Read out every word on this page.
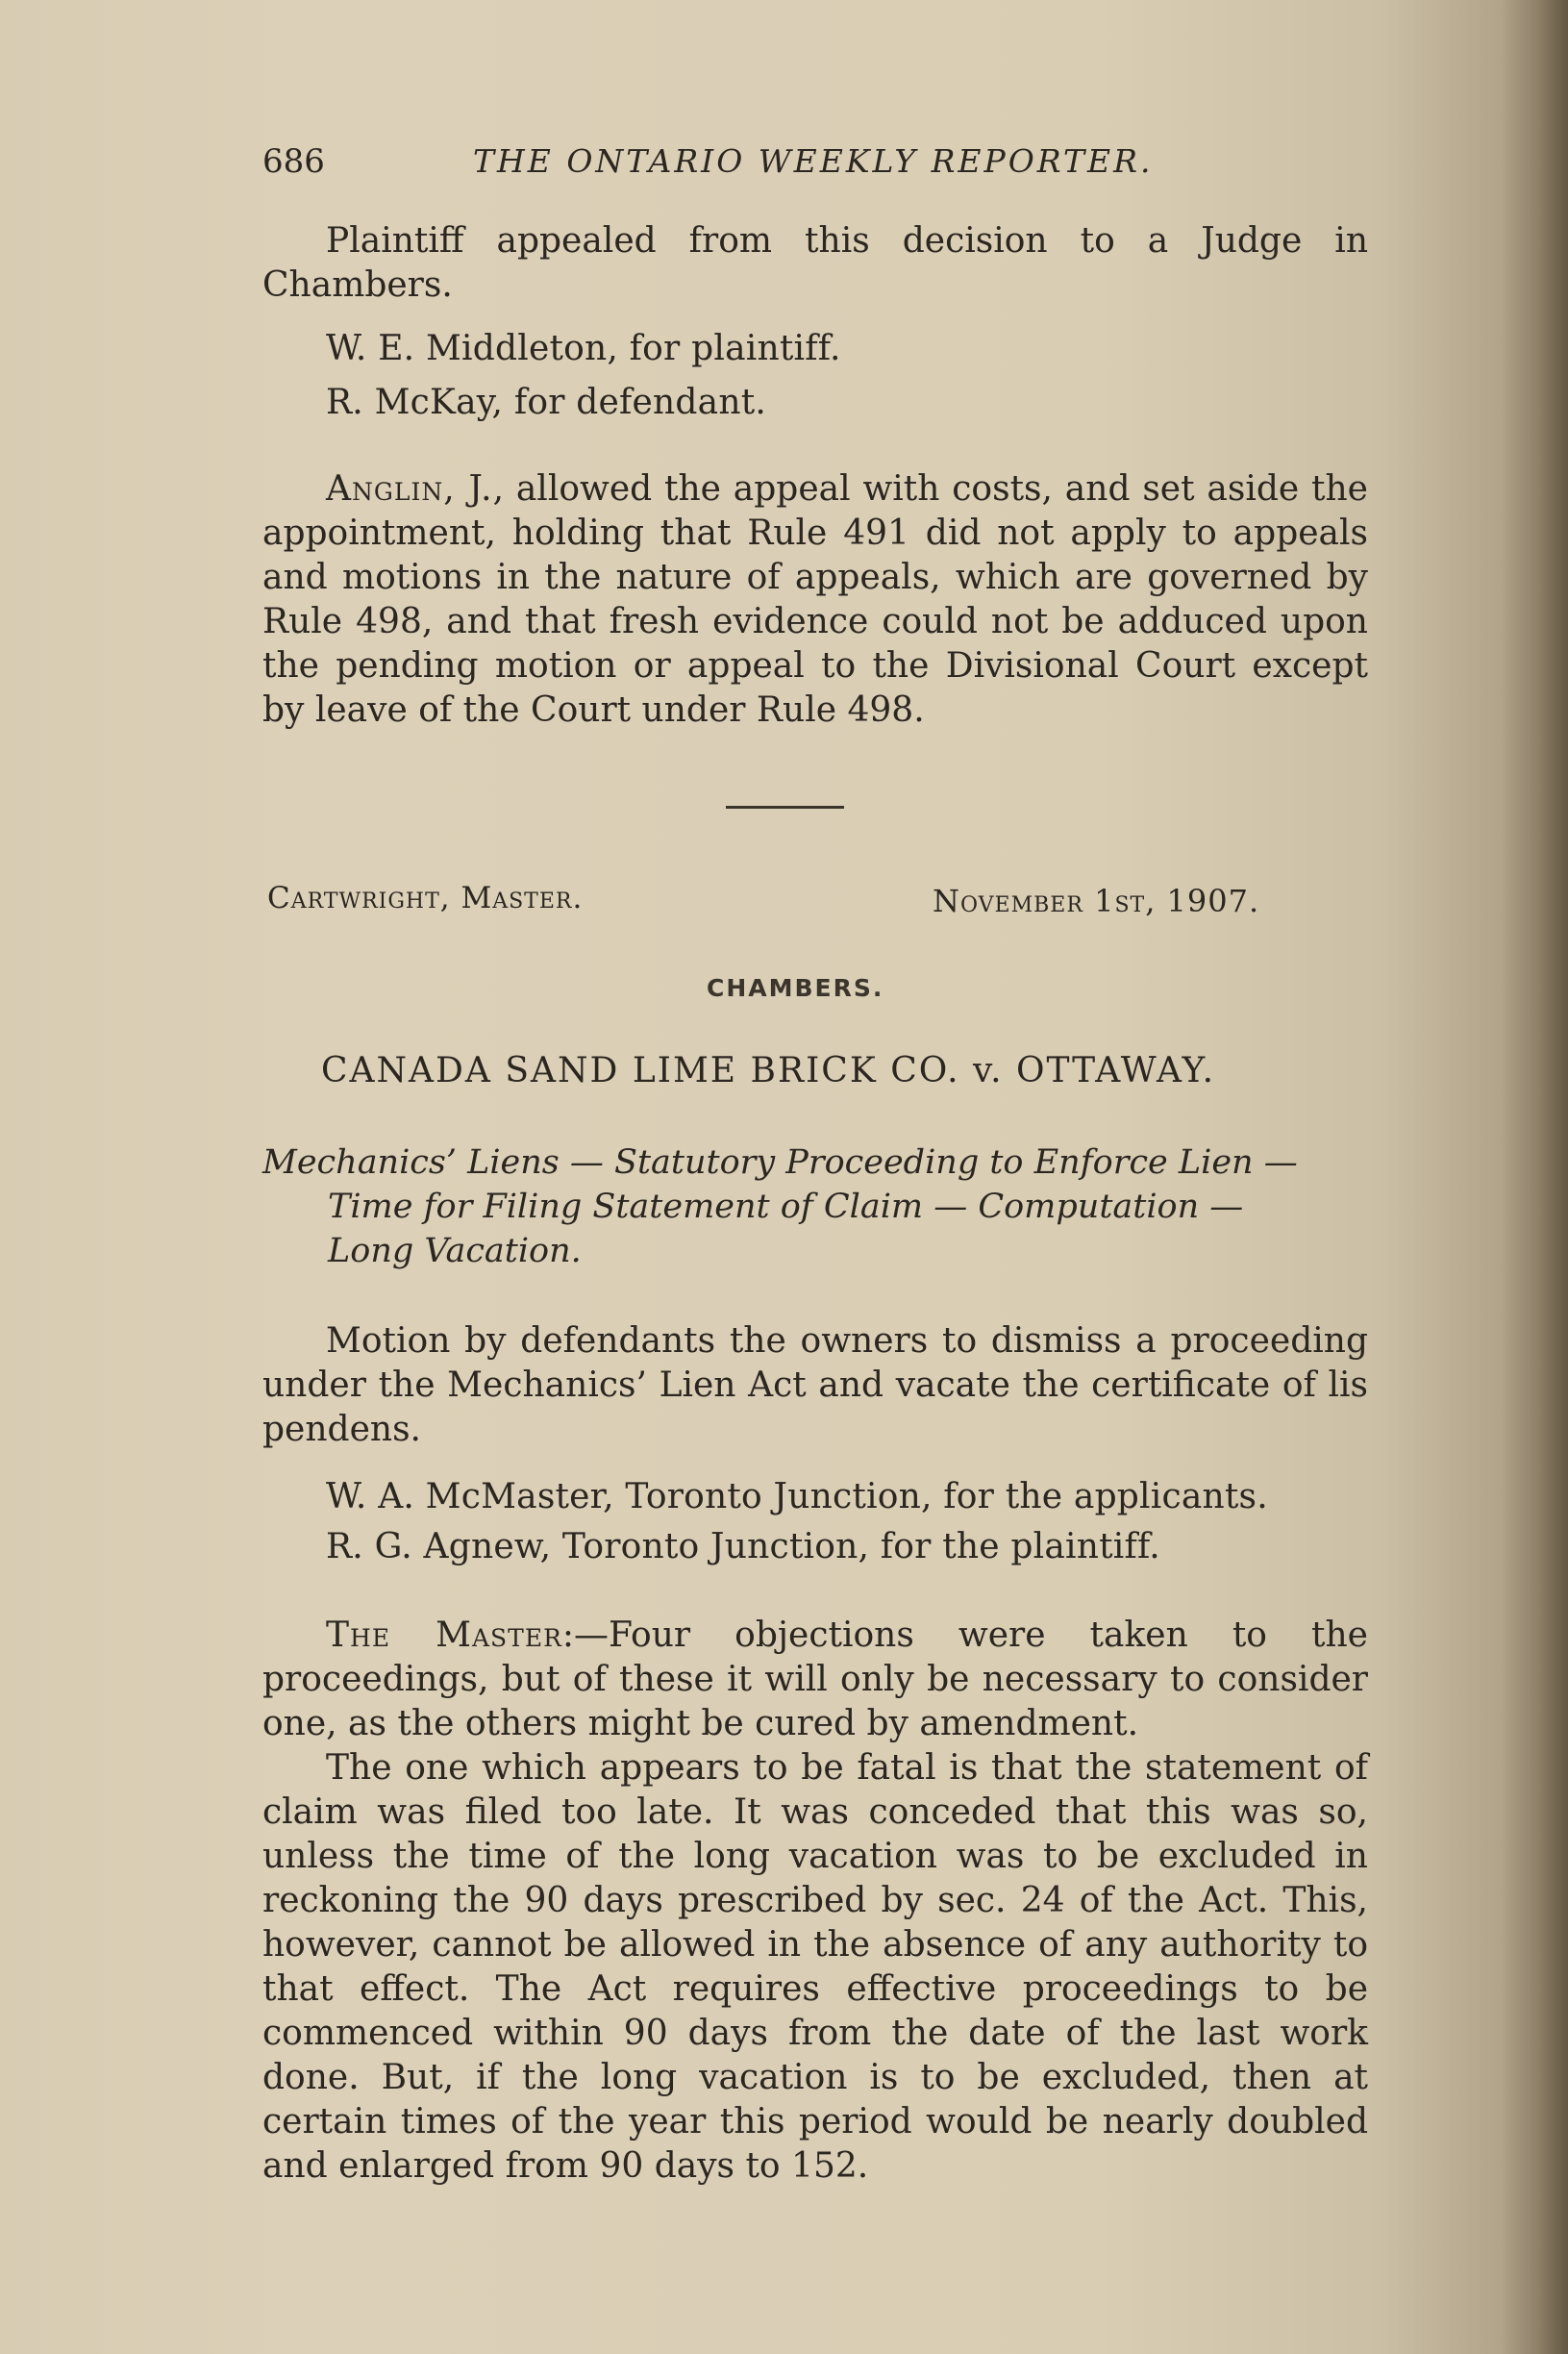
686	THE ONTARIO WEEKLY REPORTER.

Plaintiff appealed from this decision to a Judge in Chambers.

W. E. Middleton, for plaintiff.
R. McKay, for defendant.

Anglin, J., allowed the appeal with costs, and set aside the appointment, holding that Rule 491 did not apply to appeals and motions in the nature of appeals, which are governed by Rule 498, and that fresh evidence could not be adduced upon the pending motion or appeal to the Divisional Court except by leave of the Court under Rule 498.

Cartwright, Master.	November 1st, 1907.
CHAMBERS.
CANADA SAND LIME BRICK CO. v. OTTAWAY.
Mechanics’ Liens — Statutory Proceeding to Enforce Lien —
Time for Filing Statement of Claim — Computation —
Long Vacation.

Motion by defendants the owners to dismiss a proceeding under the Mechanics’ Lien Act and vacate the certificate of lis pendens.

W. A. McMaster, Toronto Junction, for the applicants.
R. G. Agnew, Toronto Junction, for the plaintiff.

The Master:—Four objections were taken to the proceedings, but of these it will only be necessary to consider one, as the others might be cured by amendment.

The one which appears to be fatal is that the statement of claim was filed too late. It was conceded that this was so, unless the time of the long vacation was to be excluded in reckoning the 90 days prescribed by sec. 24 of the Act. This, however, cannot be allowed in the absence of any authority to that effect. The Act requires effective proceedings to be commenced within 90 days from the date of the last work done. But, if the long vacation is to be excluded, then at certain times of the year this period would be nearly doubled and enlarged from 90 days to 152.
